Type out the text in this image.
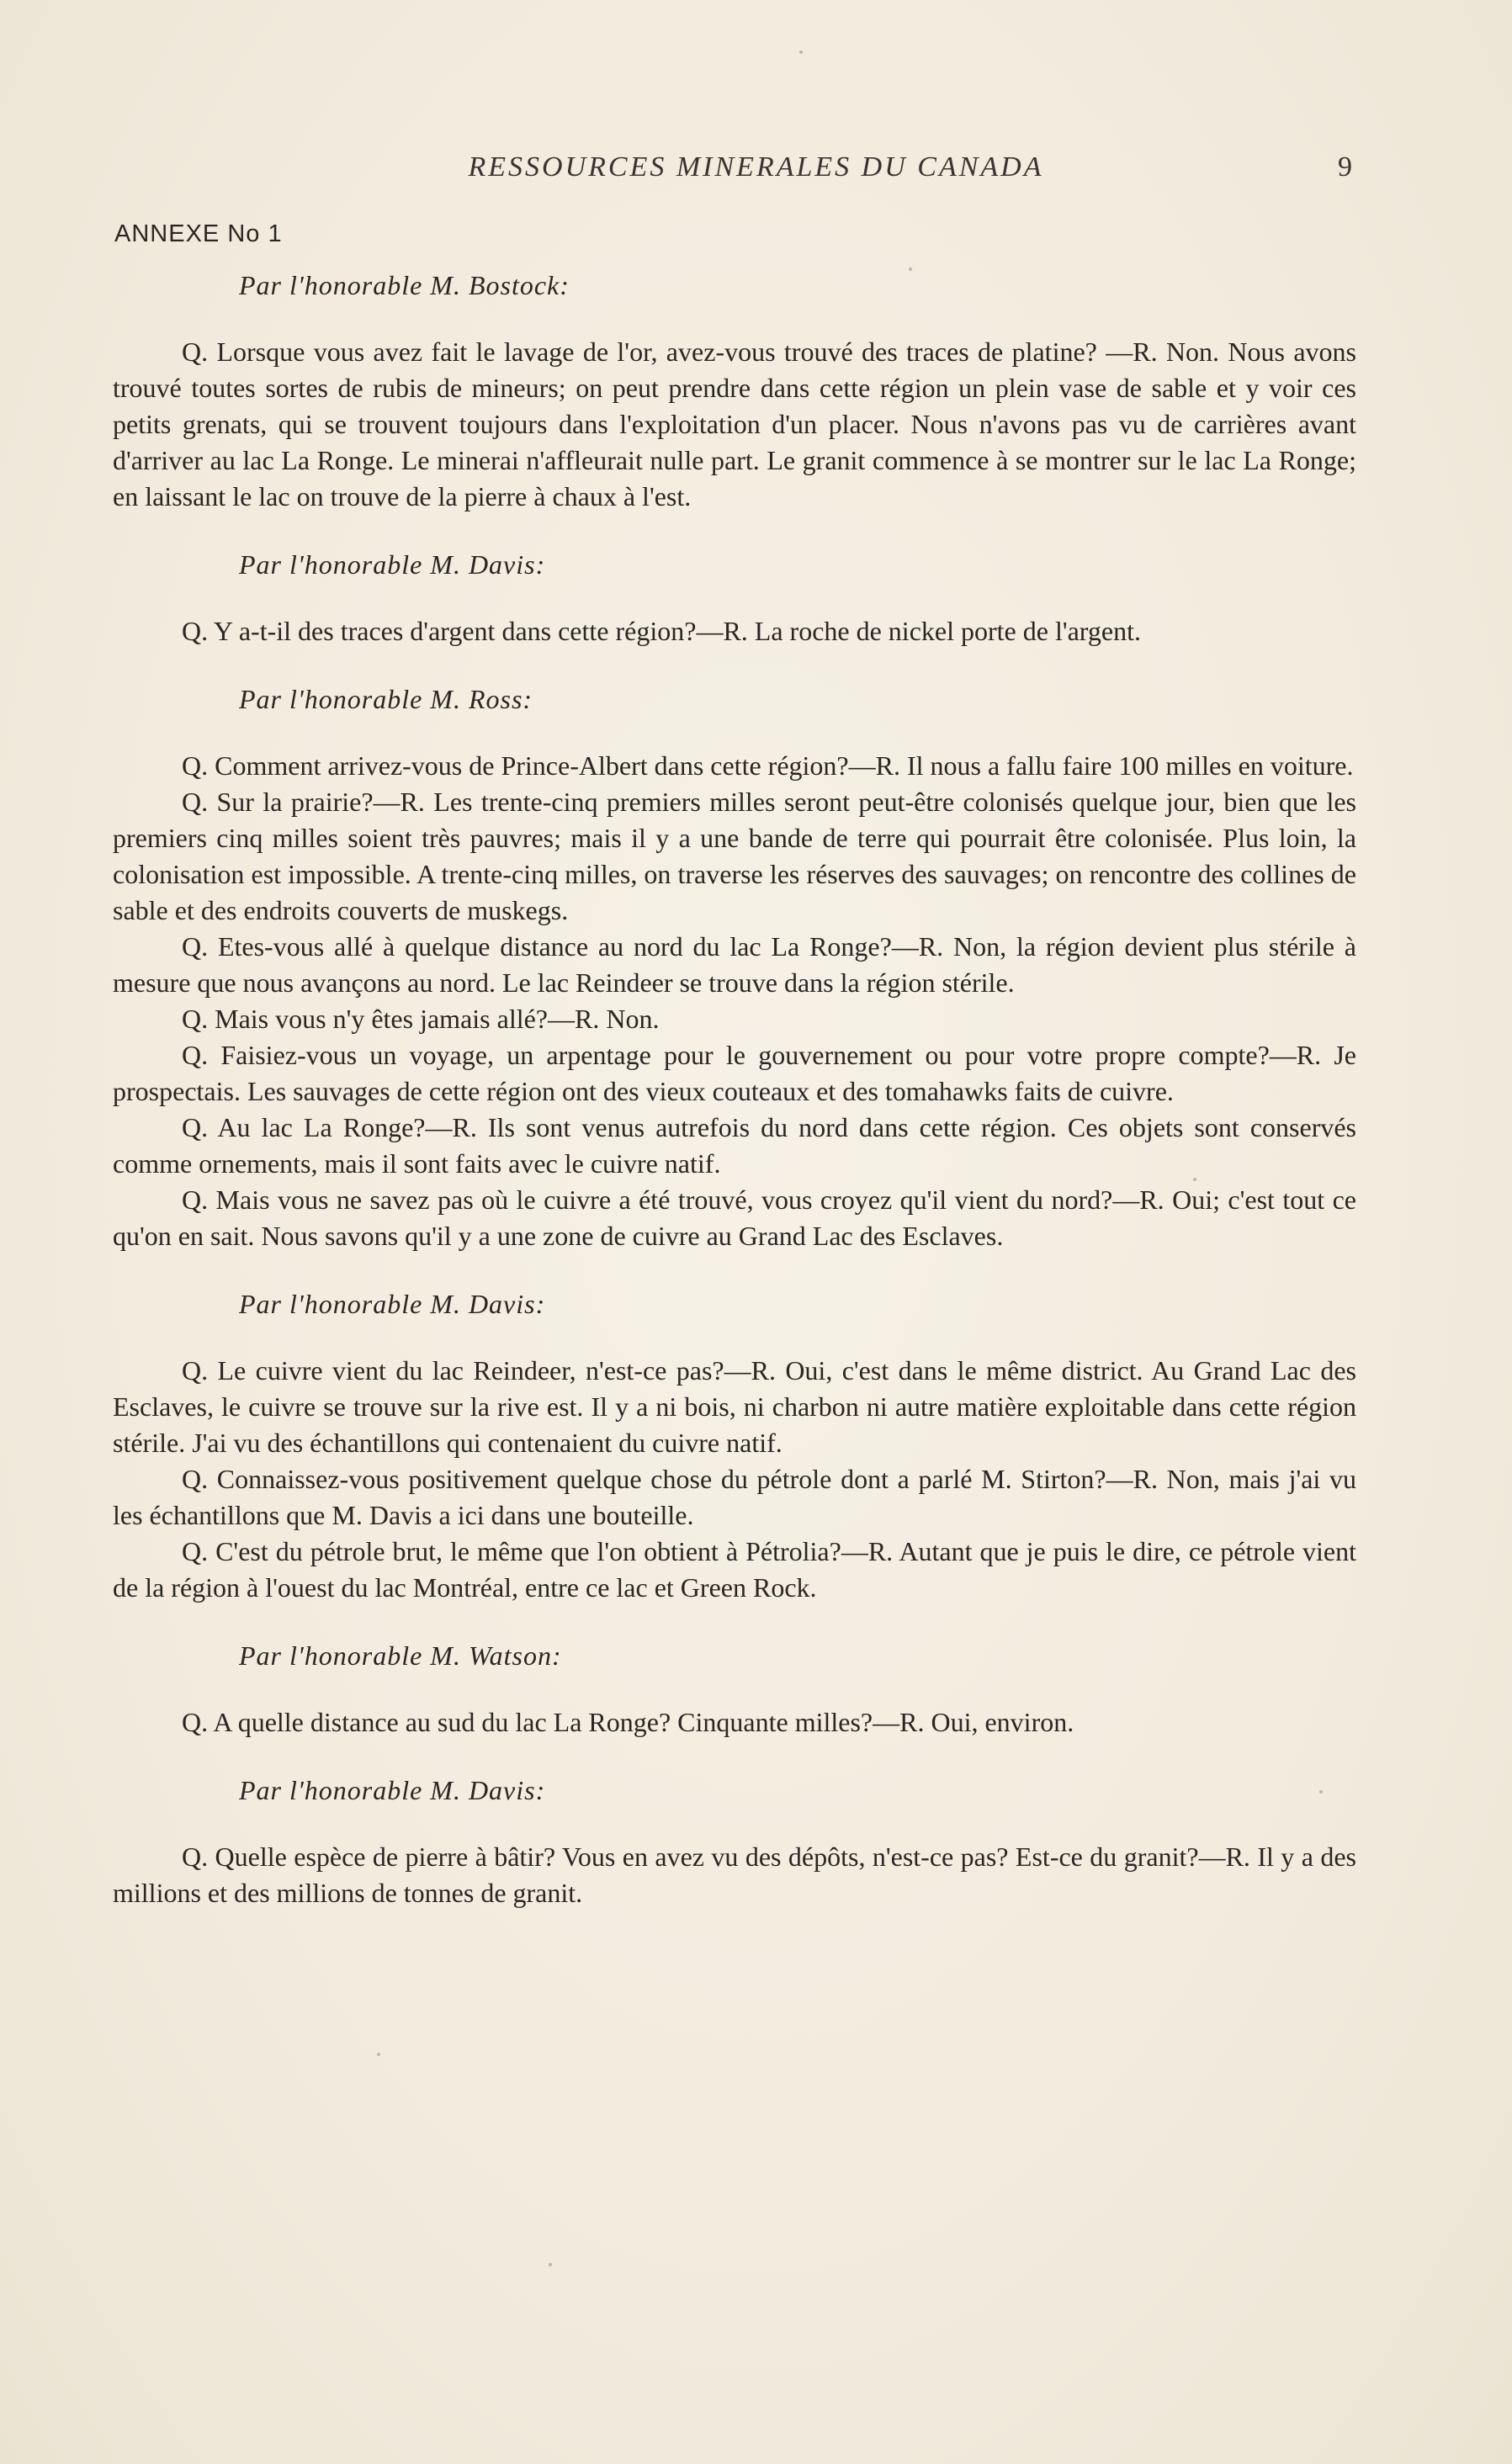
RESSOURCES MINERALES DU CANADA	9
ANNEXE No 1
Par l'honorable M. Bostock:

Q. Lorsque vous avez fait le lavage de l'or, avez-vous trouvé des traces de platine? —R. Non. Nous avons trouvé toutes sortes de rubis de mineurs; on peut prendre dans cette région un plein vase de sable et y voir ces petits grenats, qui se trouvent toujours dans l'exploitation d'un placer. Nous n'avons pas vu de carrières avant d'arriver au lac La Ronge. Le minerai n'affleurait nulle part. Le granit commence à se montrer sur le lac La Ronge; en laissant le lac on trouve de la pierre à chaux à l'est.

Par l'honorable M. Davis:

Q. Y a-t-il des traces d'argent dans cette région?—R. La roche de nickel porte de l'argent.

Par l'honorable M. Ross:

Q. Comment arrivez-vous de Prince-Albert dans cette région?—R. Il nous a fallu faire 100 milles en voiture.

Q. Sur la prairie?—R. Les trente-cinq premiers milles seront peut-être colonisés quelque jour, bien que les premiers cinq milles soient très pauvres; mais il y a une bande de terre qui pourrait être colonisée. Plus loin, la colonisation est impossible. A trente-cinq milles, on traverse les réserves des sauvages; on rencontre des collines de sable et des endroits couverts de muskegs.

Q. Etes-vous allé à quelque distance au nord du lac La Ronge?—R. Non, la région devient plus stérile à mesure que nous avançons au nord. Le lac Reindeer se trouve dans la région stérile.

Q. Mais vous n'y êtes jamais allé?—R. Non.

Q. Faisiez-vous un voyage, un arpentage pour le gouvernement ou pour votre propre compte?—R. Je prospectais. Les sauvages de cette région ont des vieux couteaux et des tomahawks faits de cuivre.

Q. Au lac La Ronge?—R. Ils sont venus autrefois du nord dans cette région. Ces objets sont conservés comme ornements, mais il sont faits avec le cuivre natif.

Q. Mais vous ne savez pas où le cuivre a été trouvé, vous croyez qu'il vient du nord?—R. Oui; c'est tout ce qu'on en sait. Nous savons qu'il y a une zone de cuivre au Grand Lac des Esclaves.

Par l'honorable M. Davis:

Q. Le cuivre vient du lac Reindeer, n'est-ce pas?—R. Oui, c'est dans le même district. Au Grand Lac des Esclaves, le cuivre se trouve sur la rive est. Il y a ni bois, ni charbon ni autre matière exploitable dans cette région stérile. J'ai vu des échantillons qui contenaient du cuivre natif.

Q. Connaissez-vous positivement quelque chose du pétrole dont a parlé M. Stirton?—R. Non, mais j'ai vu les échantillons que M. Davis a ici dans une bouteille.

Q. C'est du pétrole brut, le même que l'on obtient à Pétrolia?—R. Autant que je puis le dire, ce pétrole vient de la région à l'ouest du lac Montréal, entre ce lac et Green Rock.

Par l'honorable M. Watson:

Q. A quelle distance au sud du lac La Ronge? Cinquante milles?—R. Oui, environ.

Par l'honorable M. Davis:

Q. Quelle espèce de pierre à bâtir? Vous en avez vu des dépôts, n'est-ce pas? Est-ce du granit?—R. Il y a des millions et des millions de tonnes de granit.
